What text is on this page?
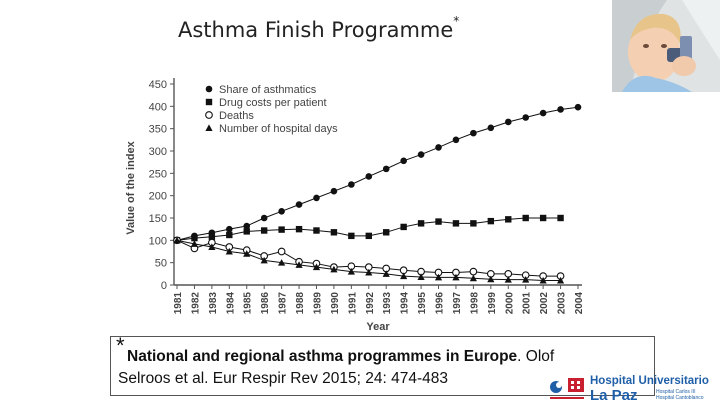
Asthma Finish Programme*
Value of the index
Year
0
50
100
150
200
250
300
350
400
450
1981 1982 1983 1984 1985 1986 1987 1988 1989 1990 1991 1992 1993 1994 1995 1996 1997 1998 1999 2000 2001 2002 2003 2004
Share of asthmatics
Drug costs per patient
Deaths
Number of hospital days
* National and regional asthma programmes in Europe. Olof
Selroos et al. Eur Respir Rev 2015; 24: 474-483	Hospital Universitario
La Paz	Hospital Carlos III
Hospital Cantoblanco
